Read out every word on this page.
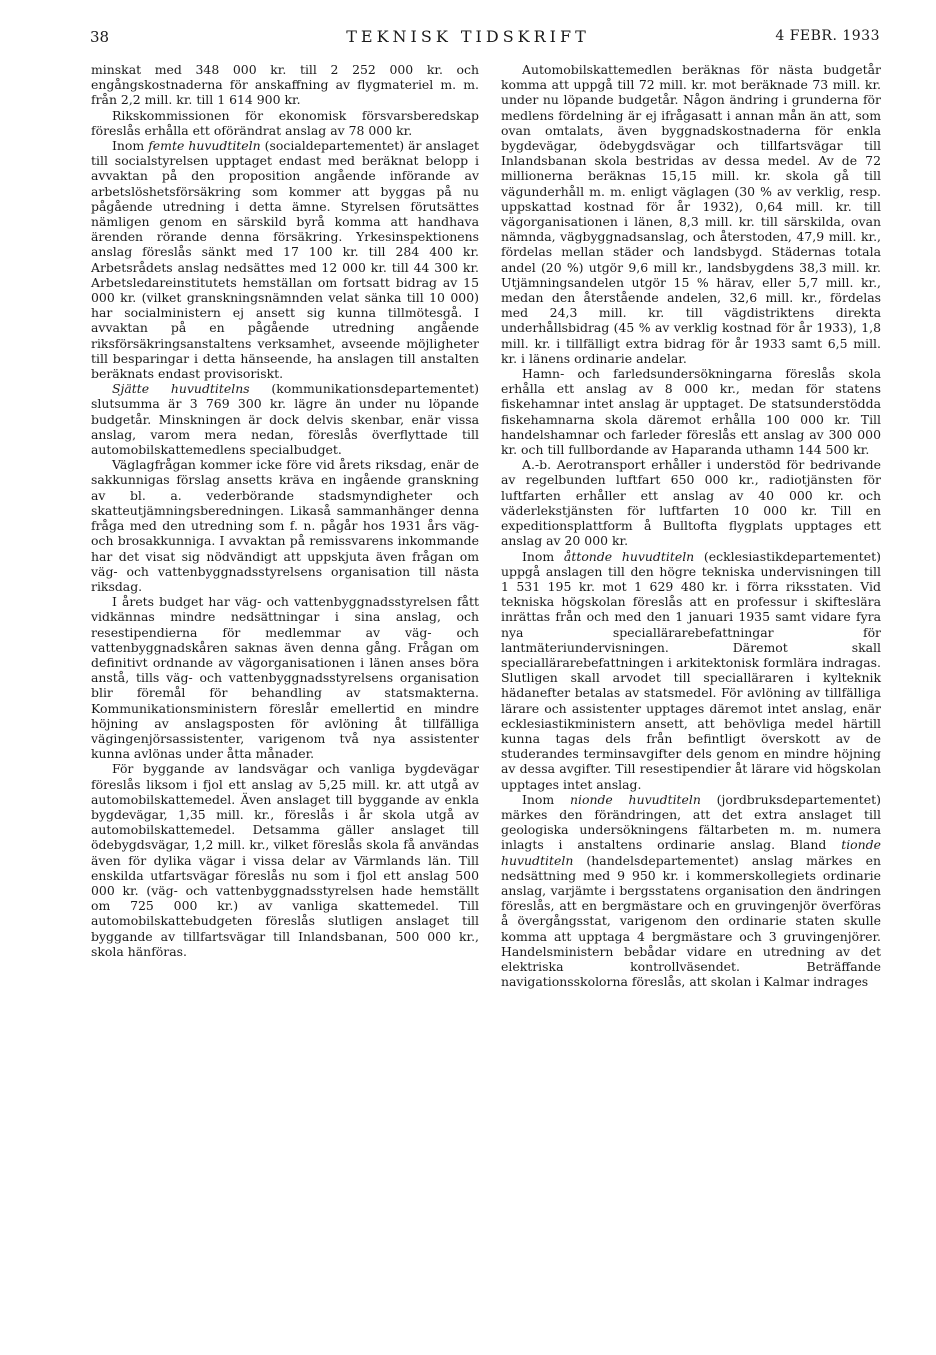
38	TEKNISK TIDSKRIFT	4 FEBR. 1933

minskat med 348 000 kr. till 2 252 000 kr. och engångskostnaderna för anskaffning av flygmateriel m. m. från 2,2 mill. kr. till 1 614 900 kr.

Rikskommissionen för ekonomisk försvarsberedskap föreslås erhålla ett oförändrat anslag av 78 000 kr.

Inom femte huvudtiteln (socialdepartementet) är anslaget till socialstyrelsen upptaget endast med beräknat belopp i avvaktan på den proposition angående införande av arbetslöshetsförsäkring som kommer att byggas på nu pågående utredning i detta ämne. Styrelsen förutsättes nämligen genom en särskild byrå komma att handhava ärenden rörande denna försäkring. Yrkesinspektionens anslag föreslås sänkt med 17 100 kr. till 284 400 kr. Arbetsrådets anslag nedsättes med 12 000 kr. till 44 300 kr. Arbetsledareinstitutets hemställan om fortsatt bidrag av 15 000 kr. (vilket granskningsnämnden velat sänka till 10 000) har socialministern ej ansett sig kunna tillmötesgå. I avvaktan på en pågående utredning angående riksförsäkringsanstaltens verksamhet, avseende möjligheter till besparingar i detta hänseende, ha anslagen till anstalten beräknats endast provisoriskt.

Sjätte huvudtitelns (kommunikationsdepartementet) slutsumma är 3 769 300 kr. lägre än under nu löpande budgetår. Minskningen är dock delvis skenbar, enär vissa anslag, varom mera nedan, föreslås överflyttade till automobilskattemedlens specialbudget.

Väglagfrågan kommer icke före vid årets riksdag, enär de sakkunnigas förslag ansetts kräva en ingående granskning av bl. a. vederbörande stadsmyndigheter och skatteutjämningsberedningen. Likaså sammanhänger denna fråga med den utredning som f. n. pågår hos 1931 års väg- och brosakkunniga. I avvaktan på remissvarens inkommande har det visat sig nödvändigt att uppskjuta även frågan om väg- och vattenbyggnadsstyrelsens organisation till nästa riksdag.

I årets budget har väg- och vattenbyggnadsstyrelsen fått vidkännas mindre nedsättningar i sina anslag, och resestipendierna för medlemmar av väg- och vattenbyggnadskåren saknas även denna gång. Frågan om definitivt ordnande av vägorganisationen i länen anses böra anstå, tills väg- och vattenbyggnadsstyrelsens organisation blir föremål för behandling av statsmakterna. Kommunikationsministern föreslår emellertid en mindre höjning av anslagsposten för avlöning åt tillfälliga vägingenjörsassistenter, varigenom två nya assistenter kunna avlönas under åtta månader.

För byggande av landsvägar och vanliga bygdevägar föreslås liksom i fjol ett anslag av 5,25 mill. kr. att utgå av automobilskattemedel. Även anslaget till byggande av enkla bygdevägar, 1,35 mill. kr., föreslås i år skola utgå av automobilskattemedel. Detsamma gäller anslaget till ödebygdsvägar, 1,2 mill. kr., vilket föreslås skola få användas även för dylika vägar i vissa delar av Värmlands län. Till enskilda utfartsvägar föreslås nu som i fjol ett anslag 500 000 kr. (väg- och vattenbyggnadsstyrelsen hade hemställt om 725 000 kr.) av vanliga skattemedel. Till automobilskattebudgeten föreslås slutligen anslaget till byggande av tillfartsvägar till Inlandsbanan, 500 000 kr., skola hänföras.

Automobilskattemedlen beräknas för nästa budgetår komma att uppgå till 72 mill. kr. mot beräknade 73 mill. kr. under nu löpande budgetår. Någon ändring i grunderna för medlens fördelning är ej ifrågasatt i annan mån än att, som ovan omtalats, även byggnadskostnaderna för enkla bygdevägar, ödebygdsvägar och tillfartsvägar till Inlandsbanan skola bestridas av dessa medel. Av de 72 millionerna beräknas 15,15 mill. kr. skola gå till vägunderhåll m. m. enligt väglagen (30 % av verklig, resp. uppskattad kostnad för år 1932), 0,64 mill. kr. till vägorganisationen i länen, 8,3 mill. kr. till särskilda, ovan nämnda, vägbyggnadsanslag, och återstoden, 47,9 mill. kr., fördelas mellan städer och landsbygd. Städernas totala andel (20 %) utgör 9,6 mill kr., landsbygdens 38,3 mill. kr. Utjämningsandelen utgör 15 % härav, eller 5,7 mill. kr., medan den återstående andelen, 32,6 mill. kr., fördelas med 24,3 mill. kr. till vägdistriktens direkta underhållsbidrag (45 % av verklig kostnad för år 1933), 1,8 mill. kr. i tillfälligt extra bidrag för år 1933 samt 6,5 mill. kr. i länens ordinarie andelar.

Hamn- och farledsundersökningarna föreslås skola erhålla ett anslag av 8 000 kr., medan för statens fiskehamnar intet anslag är upptaget. De statsunderstödda fiskehamnarna skola däremot erhålla 100 000 kr. Till handelshamnar och farleder föreslås ett anslag av 300 000 kr. och till fullbordande av Haparanda uthamn 144 500 kr.

A.-b. Aerotransport erhåller i understöd för bedrivande av regelbunden luftfart 650 000 kr., radiotjänsten för luftfarten erhåller ett anslag av 40 000 kr. och väderlekstjänsten för luftfarten 10 000 kr. Till en expeditionsplattform å Bulltofta flygplats upptages ett anslag av 20 000 kr.

Inom åttonde huvudtiteln (ecklesiastikdepartementet) uppgå anslagen till den högre tekniska undervisningen till 1 531 195 kr. mot 1 629 480 kr. i förra riksstaten. Vid tekniska högskolan föreslås att en professur i skifteslära inrättas från och med den 1 januari 1935 samt vidare fyra nya speciallärarebefattningar för lantmäteriundervisningen. Däremot skall speciallärarebefattningen i arkitektonisk formlära indragas. Slutligen skall arvodet till specialläraren i kylteknik hädanefter betalas av statsmedel. För avlöning av tillfälliga lärare och assistenter upptages däremot intet anslag, enär ecklesiastikministern ansett, att behövliga medel härtill kunna tagas dels från befintligt överskott av de studerandes terminsavgifter dels genom en mindre höjning av dessa avgifter. Till resestipendier åt lärare vid högskolan upptages intet anslag.

Inom nionde huvudtiteln (jordbruksdepartementet) märkes den förändringen, att det extra anslaget till geologiska undersökningens fältarbeten m. m. numera inlagts i anstaltens ordinarie anslag. Bland tionde huvudtiteln (handelsdepartementet) anslag märkes en nedsättning med 9 950 kr. i kommerskollegiets ordinarie anslag, varjämte i bergsstatens organisation den ändringen föreslås, att en bergmästare och en gruvingenjör överföras å övergångsstat, varigenom den ordinarie staten skulle komma att upptaga 4 bergmästare och 3 gruvingenjörer. Handelsministern bebådar vidare en utredning av det elektriska kontrollväsendet. Beträffande navigationsskolorna föreslås, att skolan i Kalmar indrages
